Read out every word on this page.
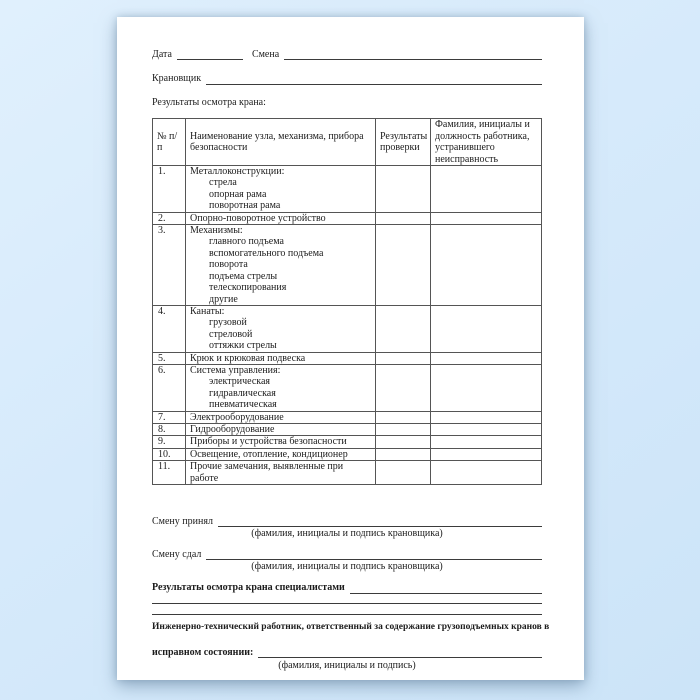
Дата	Смена
Крановщик
Результаты осмотра крана:
№ п/п	Наименование узла, механизма, прибора безопасности	Результаты проверки	Фамилия, инициалы и должность работника, устранившего неисправность
1.	Металлоконструкции:
стрела
опорная рама
поворотная рама		

2.	Опорно-поворотное устройство		

3.	Механизмы:
главного подъема
вспомогательного подъема
поворота
подъема стрелы
телескопирования
другие

4.	Канаты:
грузовой
стреловой
оттяжки стрелы		

5.	Крюк и крюковая подвеска		

6.	Система управления:
электрическая
гидравлическая
пневматическая		

7.	Электрооборудование		

8.	Гидрооборудование		

9.	Приборы и устройства безопасности		

10.	Освещение, отопление, кондиционер		

11.	Прочие замечания, выявленные при работе		

Смену принял
(фамилия, инициалы и подпись крановщика)
Смену сдал
(фамилия, инициалы и подпись крановщика)
Результаты осмотра крана специалистами
Инженерно-технический работник, ответственный за содержание грузоподъемных кранов в
исправном состоянии:
(фамилия, инициалы и подпись)
